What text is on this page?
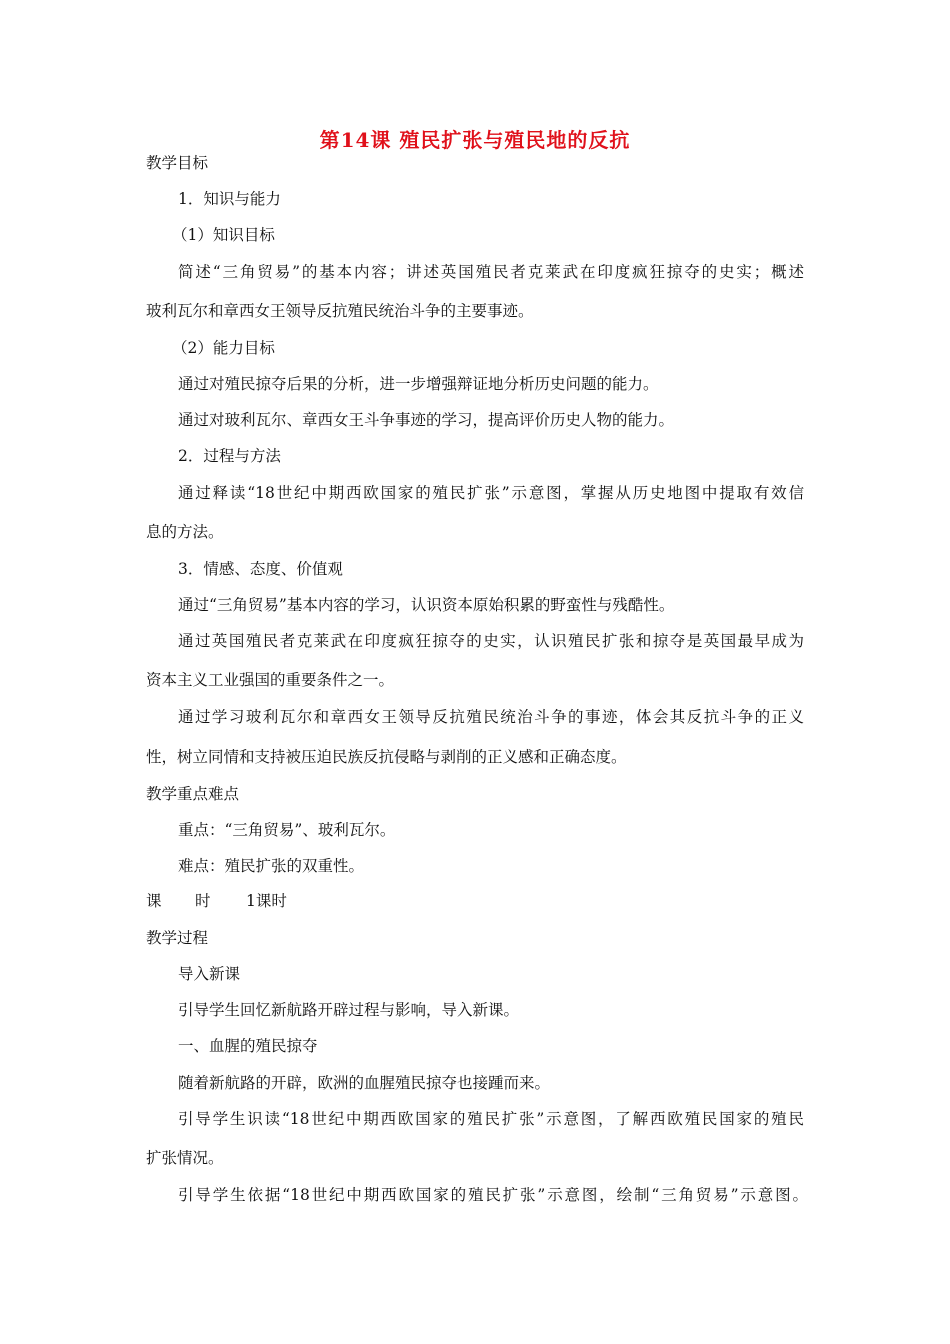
第14课 殖民扩张与殖民地的反抗
教学目标
1．知识与能力
（1）知识目标
简述“三角贸易”的基本内容；讲述英国殖民者克莱武在印度疯狂掠夺的史实；概述
玻利瓦尔和章西女王领导反抗殖民统治斗争的主要事迹。
（2）能力目标
通过对殖民掠夺后果的分析，进一步增强辩证地分析历史问题的能力。
通过对玻利瓦尔、章西女王斗争事迹的学习，提高评价历史人物的能力。
2．过程与方法
通过释读“18世纪中期西欧国家的殖民扩张”示意图，掌握从历史地图中提取有效信
息的方法。
3．情感、态度、价值观
通过“三角贸易”基本内容的学习，认识资本原始积累的野蛮性与残酷性。
通过英国殖民者克莱武在印度疯狂掠夺的史实，认识殖民扩张和掠夺是英国最早成为
资本主义工业强国的重要条件之一。
通过学习玻利瓦尔和章西女王领导反抗殖民统治斗争的事迹，体会其反抗斗争的正义
性，树立同情和支持被压迫民族反抗侵略与剥削的正义感和正确态度。
教学重点难点
重点：“三角贸易”、玻利瓦尔。
难点：殖民扩张的双重性。
课 时 1课时
教学过程
导入新课
引导学生回忆新航路开辟过程与影响，导入新课。
一、血腥的殖民掠夺
随着新航路的开辟，欧洲的血腥殖民掠夺也接踵而来。
引导学生识读“18世纪中期西欧国家的殖民扩张”示意图，了解西欧殖民国家的殖民
扩张情况。
引导学生依据“18世纪中期西欧国家的殖民扩张”示意图，绘制“三角贸易”示意图。
